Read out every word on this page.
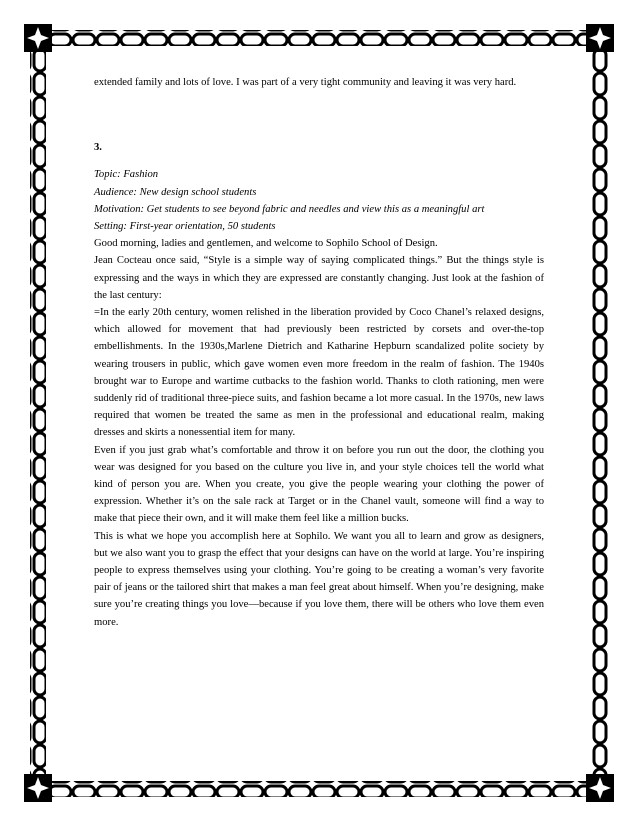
extended family and lots of love. I was part of a very tight community and leaving it was very hard.

3.

Topic: Fashion

Audience: New design school students

Motivation: Get students to see beyond fabric and needles and view this as a meaningful art

Setting: First-year orientation, 50 students

Good morning, ladies and gentlemen, and welcome to Sophilo School of Design.

Jean Cocteau once said, “Style is a simple way of saying complicated things.” But the things style is expressing and the ways in which they are expressed are constantly changing. Just look at the fashion of the last century:

=In the early 20th century, women relished in the liberation provided by Coco Chanel’s relaxed designs, which allowed for movement that had previously been restricted by corsets and over-the-top embellishments. In the 1930s,Marlene Dietrich and Katharine Hepburn scandalized polite society by wearing trousers in public, which gave women even more freedom in the realm of fashion. The 1940s brought war to Europe and wartime cutbacks to the fashion world. Thanks to cloth rationing, men were suddenly rid of traditional three-piece suits, and fashion became a lot more casual. In the 1970s, new laws required that women be treated the same as men in the professional and educational realm, making dresses and skirts a nonessential item for many.

Even if you just grab what’s comfortable and throw it on before you run out the door, the clothing you wear was designed for you based on the culture you live in, and your style choices tell the world what kind of person you are. When you create, you give the people wearing your clothing the power of expression. Whether it’s on the sale rack at Target or in the Chanel vault, someone will find a way to make that piece their own, and it will make them feel like a million bucks.

This is what we hope you accomplish here at Sophilo. We want you all to learn and grow as designers, but we also want you to grasp the effect that your designs can have on the world at large. You’re inspiring people to express themselves using your clothing. You’re going to be creating a woman’s very favorite pair of jeans or the tailored shirt that makes a man feel great about himself. When you’re designing, make sure you’re creating things you love—because if you love them, there will be others who love them even more.
